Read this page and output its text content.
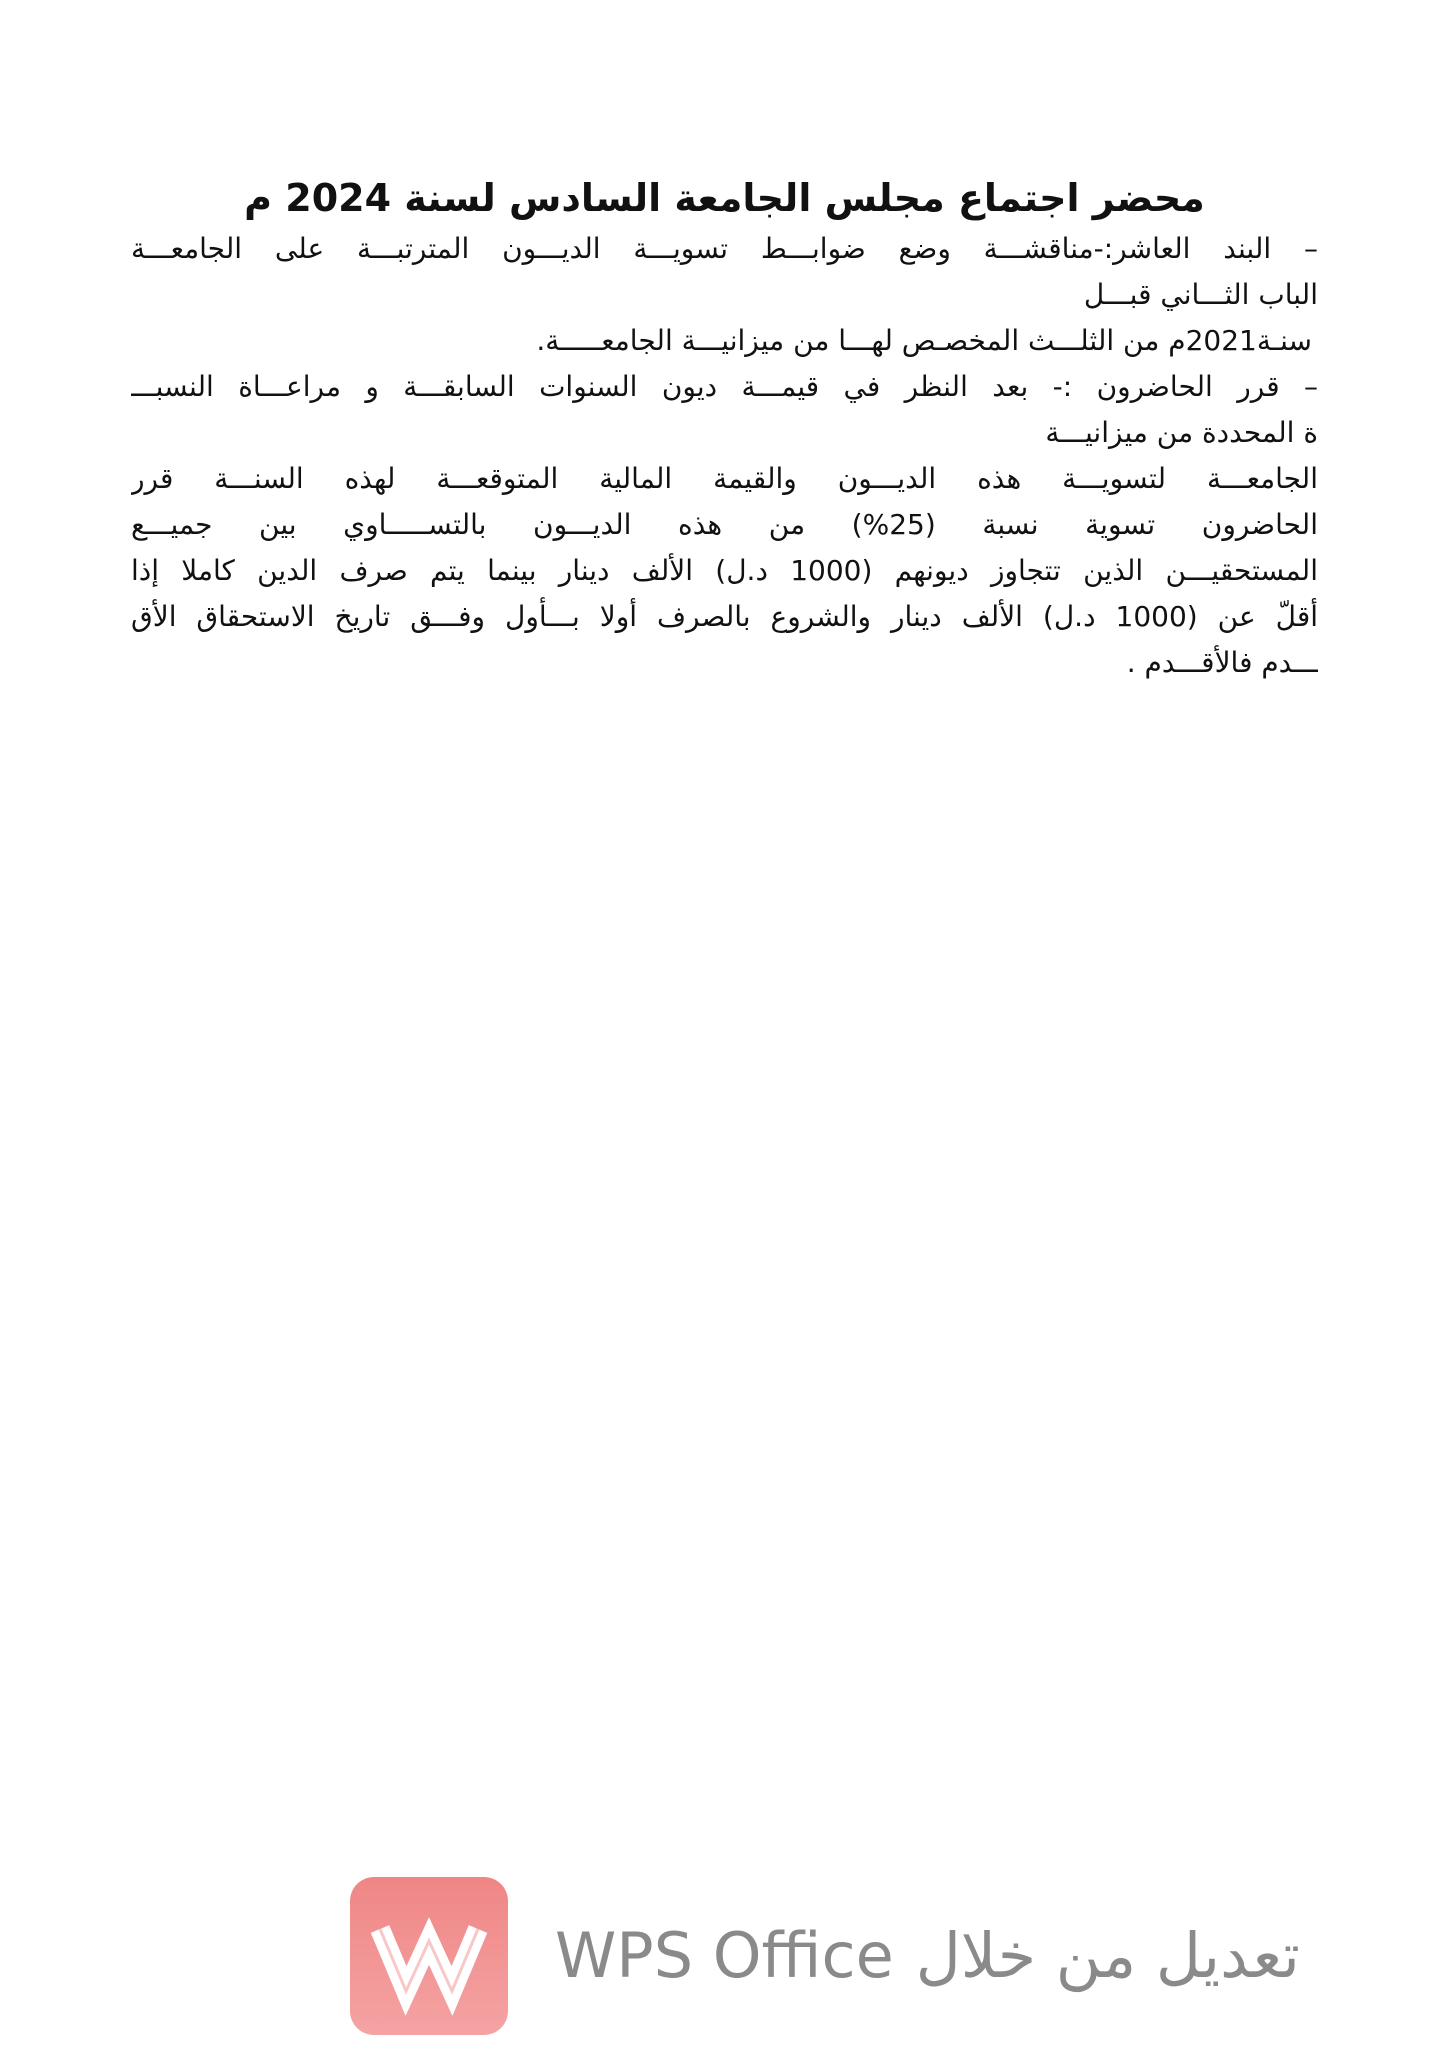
محضر اجتماع مجلس الجامعة السادس لسنة 2024 م
– البند العاشر:-مناقشـــة وضع ضوابـــط تسويـــة الديـــون المترتبـــة على الجامعـــة
الباب الثـــاني قبـــل
سنـة2021م من الثلـــث المخصـص لهـــا من ميزانيـــة الجامعـــــة.
– قرر الحاضرون :- بعد النظر في قيمـــة ديون السنوات السابقـــة و مراعـــاة النسبـــ
ة المحددة من ميزانيـــة
الجامعـــة لتسويـــة هذه الديـــون والقيمة المالية المتوقعـــة لهذه السنـــة قرر
الحاضرون تسوية نسبة (25%) من هذه الديـــون بالتســـــاوي بين جميـــع
المستحقيـــن الذين تتجاوز ديونهم (1000 د.ل) الألف دينار بينما يتم صرف الدين كاملا إذا
أقلّ عن (1000 د.ل) الألف دينار والشروع بالصرف أولا بـــأول وفـــق تاريخ الاستحقاق الأق
ـــدم فالأقـــدم .
WPS Office تعديل من خلال
